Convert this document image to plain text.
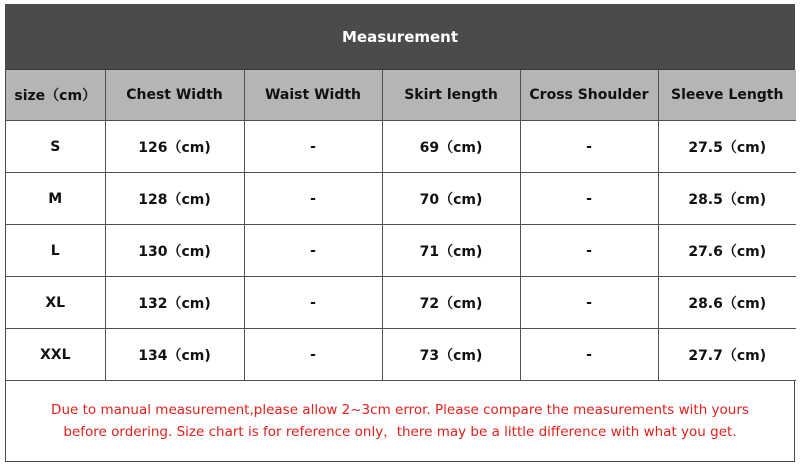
Measurement
size（cm）	Chest Width	Waist Width	Skirt length	Cross Shoulder	Sleeve Length
S	126（cm)	-	69（cm)	-	27.5（cm)
M	128（cm)	-	70（cm)	-	28.5（cm)
L	130（cm)	-	71（cm)	-	27.6（cm)
XL	132（cm)	-	72（cm)	-	28.6（cm)
XXL	134（cm)	-	73（cm)	-	27.7（cm)
Due to manual measurement,please allow 2~3cm error. Please compare the measurements with yours
before ordering. Size chart is for reference only，there may be a little difference with what you get.
